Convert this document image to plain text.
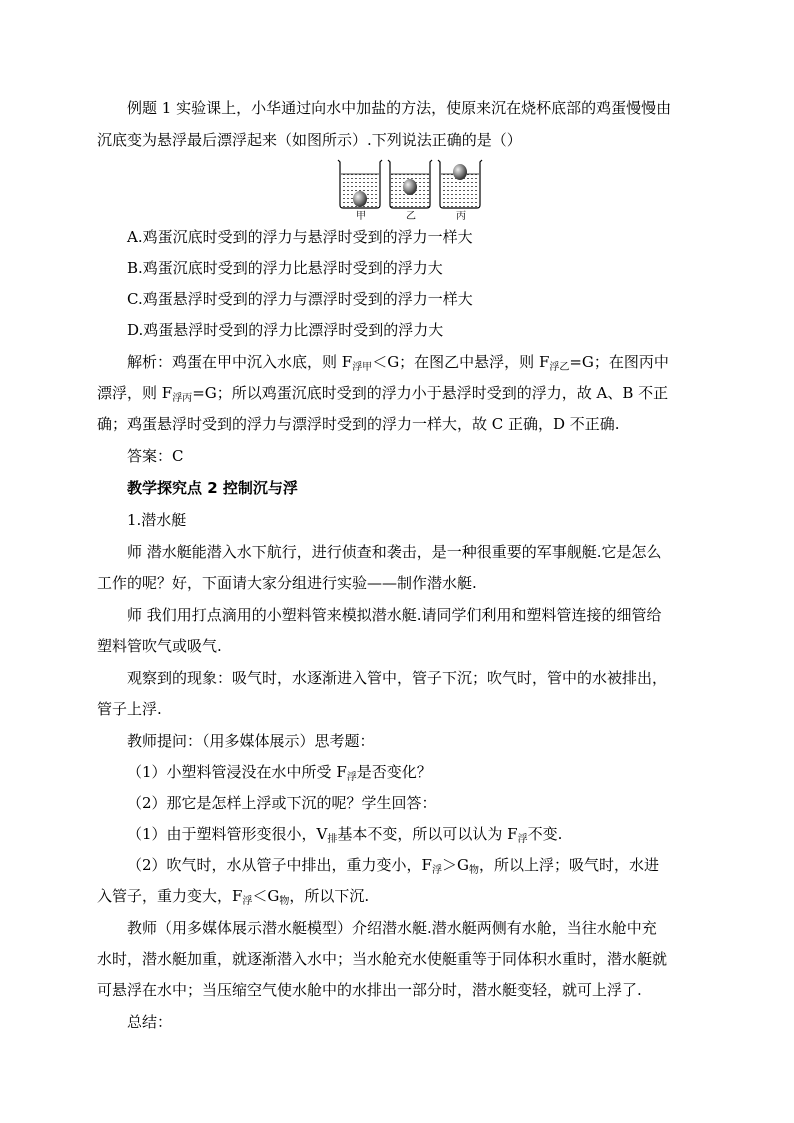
例题 1 实验课上，小华通过向水中加盐的方法，使原来沉在烧杯底部的鸡蛋慢慢由
沉底变为悬浮最后漂浮起来（如图所示）.下列说法正确的是（）
甲	乙	丙
A.鸡蛋沉底时受到的浮力与悬浮时受到的浮力一样大
B.鸡蛋沉底时受到的浮力比悬浮时受到的浮力大
C.鸡蛋悬浮时受到的浮力与漂浮时受到的浮力一样大
D.鸡蛋悬浮时受到的浮力比漂浮时受到的浮力大
解析：鸡蛋在甲中沉入水底，则 $F_{浮甲}<G$；在图乙中悬浮，则 $F_{浮乙}=G$；在图丙中
漂浮，则 $F_{浮丙}=G$；所以鸡蛋沉底时受到的浮力小于悬浮时受到的浮力，故 A、B 不正
确；鸡蛋悬浮时受到的浮力与漂浮时受到的浮力一样大，故 C 正确，D 不正确.
答案：C
教学探究点 2 控制沉与浮
1.潜水艇
师 潜水艇能潜入水下航行，进行侦查和袭击，是一种很重要的军事舰艇.它是怎么
工作的呢？好，下面请大家分组进行实验——制作潜水艇.
师 我们用打点滴用的小塑料管来模拟潜水艇.请同学们利用和塑料管连接的细管给
塑料管吹气或吸气.
观察到的现象：吸气时，水逐渐进入管中，管子下沉；吹气时，管中的水被排出，
管子上浮.
教师提问：（用多媒体展示）思考题：
（1）小塑料管浸没在水中所受 $F_浮$是否变化？
（2）那它是怎样上浮或下沉的呢？学生回答：
（1）由于塑料管形变很小，$V_排$基本不变，所以可以认为 $F_浮$不变.
（2）吹气时，水从管子中排出，重力变小，$F_浮>G_物$，所以上浮；吸气时，水进
入管子，重力变大，$F_浮<G_物$，所以下沉.
教师（用多媒体展示潜水艇模型）介绍潜水艇.潜水艇两侧有水舱，当往水舱中充
水时，潜水艇加重，就逐渐潜入水中；当水舱充水使艇重等于同体积水重时，潜水艇就
可悬浮在水中；当压缩空气使水舱中的水排出一部分时，潜水艇变轻，就可上浮了.
总结：
